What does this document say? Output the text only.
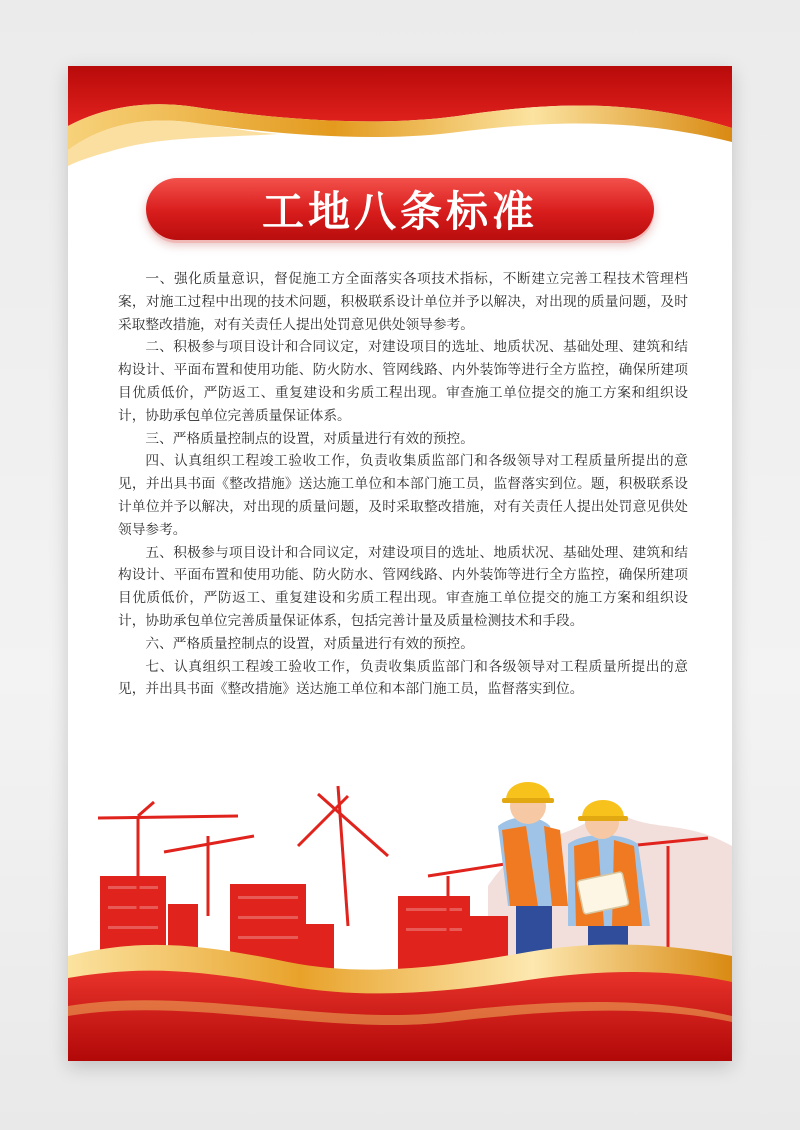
工地八条标准

一、强化质量意识，督促施工方全面落实各项技术指标，不断建立完善工程技术管理档案，对施工过程中出现的技术问题，积极联系设计单位并予以解决，对出现的质量问题，及时采取整改措施，对有关责任人提出处罚意见供处领导参考。

二、积极参与项目设计和合同议定，对建设项目的选址、地质状况、基础处理、建筑和结构设计、平面布置和使用功能、防火防水、管网线路、内外装饰等进行全方监控，确保所建项目优质低价，严防返工、重复建设和劣质工程出现。审查施工单位提交的施工方案和组织设计，协助承包单位完善质量保证体系。

三、严格质量控制点的设置，对质量进行有效的预控。

四、认真组织工程竣工验收工作，负责收集质监部门和各级领导对工程质量所提出的意见，并出具书面《整改措施》送达施工单位和本部门施工员，监督落实到位。题，积极联系设计单位并予以解决，对出现的质量问题，及时采取整改措施，对有关责任人提出处罚意见供处领导参考。

五、积极参与项目设计和合同议定，对建设项目的选址、地质状况、基础处理、建筑和结构设计、平面布置和使用功能、防火防水、管网线路、内外装饰等进行全方监控，确保所建项目优质低价，严防返工、重复建设和劣质工程出现。审查施工单位提交的施工方案和组织设计，协助承包单位完善质量保证体系，包括完善计量及质量检测技术和手段。

六、严格质量控制点的设置，对质量进行有效的预控。

七、认真组织工程竣工验收工作，负责收集质监部门和各级领导对工程质量所提出的意见，并出具书面《整改措施》送达施工单位和本部门施工员，监督落实到位。
